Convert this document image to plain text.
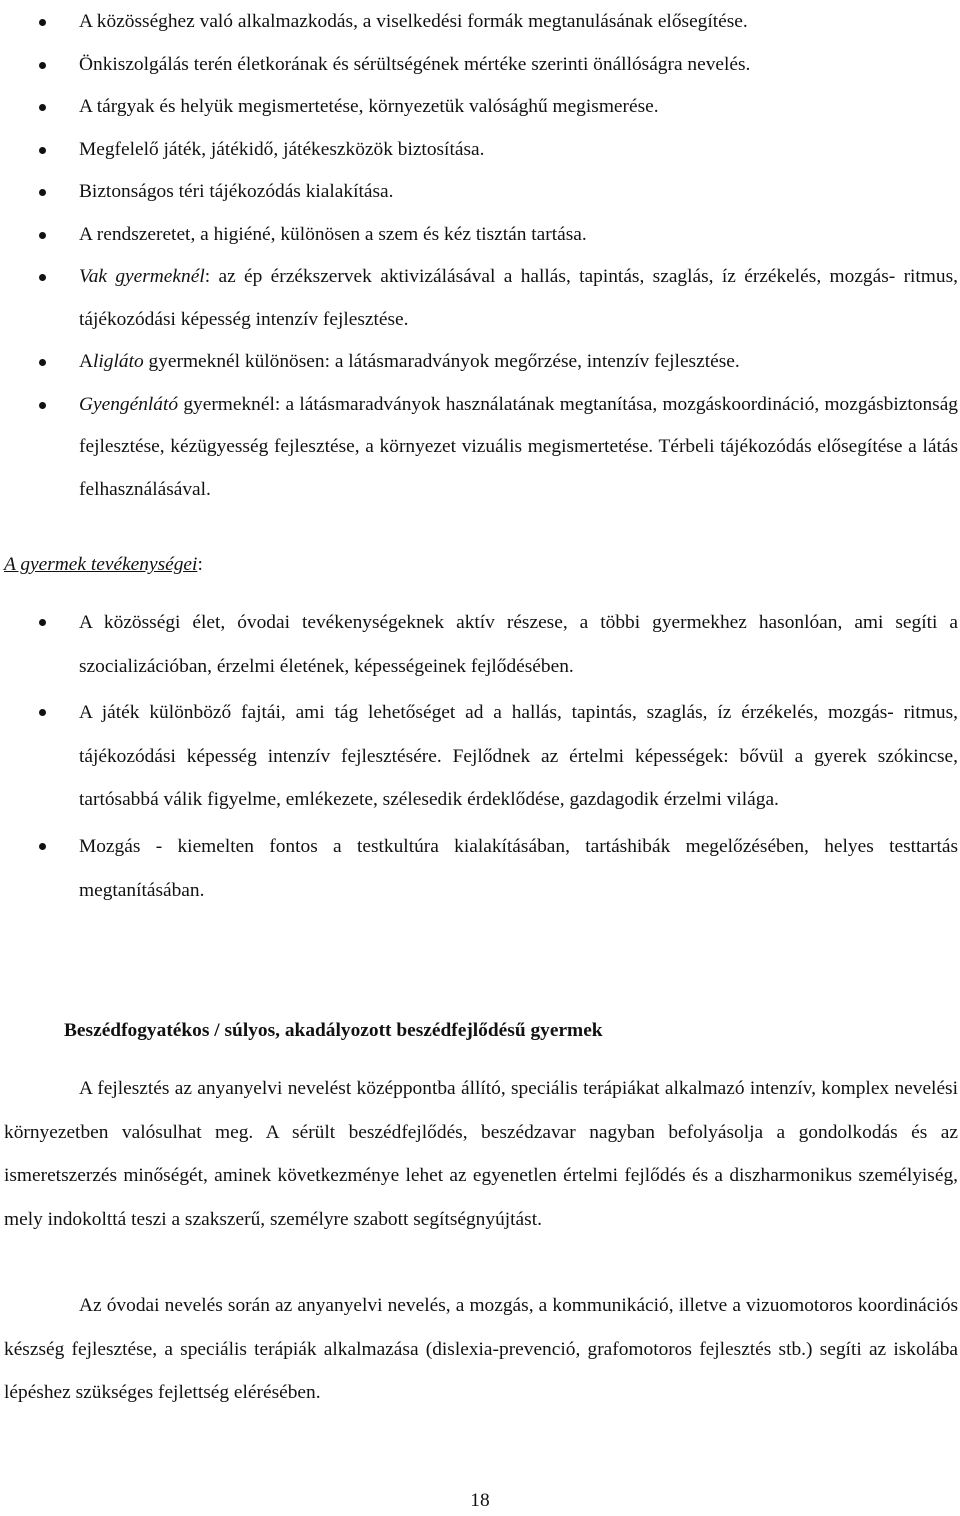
A közösséghez való alkalmazkodás, a viselkedési formák megtanulásának elősegítése.
Önkiszolgálás terén életkorának és sérültségének mértéke szerinti önállóságra nevelés.
A tárgyak és helyük megismertetése, környezetük valósághű megismerése.
Megfelelő játék, játékidő, játékeszközök biztosítása.
Biztonságos téri tájékozódás kialakítása.
A rendszeretet, a higiéné, különösen a szem és kéz tisztán tartása.
Vak gyermeknél: az ép érzékszervek aktivizálásával a hallás, tapintás, szaglás, íz érzékelés, mozgás- ritmus, tájékozódási képesség intenzív fejlesztése.
Aligláto gyermeknél különösen: a látásmaradványok megőrzése, intenzív fejlesztése.
Gyengénlátó gyermeknél: a látásmaradványok használatának megtanítása, mozgáskoordináció, mozgásbiztonság fejlesztése, kézügyesség fejlesztése, a környezet vizuális megismertetése. Térbeli tájékozódás elősegítése a látás felhasználásával.
A gyermek tevékenységei:
A közösségi élet, óvodai tevékenységeknek aktív részese, a többi gyermekhez hasonlóan, ami segíti a szocializációban, érzelmi életének, képességeinek fejlődésében.
A játék különböző fajtái, ami tág lehetőséget ad a hallás, tapintás, szaglás, íz érzékelés, mozgás- ritmus, tájékozódási képesség intenzív fejlesztésére. Fejlődnek az értelmi képességek: bővül a gyerek szókincse, tartósabbá válik figyelme, emlékezete, szélesedik érdeklődése, gazdagodik érzelmi világa.
Mozgás - kiemelten fontos a testkultúra kialakításában, tartáshibák megelőzésében, helyes testtartás megtanításában.
Beszédfogyatékos / súlyos, akadályozott beszédfejlődésű gyermek

A fejlesztés az anyanyelvi nevelést középpontba állító, speciális terápiákat alkalmazó intenzív, komplex nevelési környezetben valósulhat meg. A sérült beszédfejlődés, beszédzavar nagyban befolyásolja a gondolkodás és az ismeretszerzés minőségét, aminek következménye lehet az egyenetlen értelmi fejlődés és a diszharmonikus személyiség, mely indokolttá teszi a szakszerű, személyre szabott segítségnyújtást.

Az óvodai nevelés során az anyanyelvi nevelés, a mozgás, a kommunikáció, illetve a vizuomotoros koordinációs készség fejlesztése, a speciális terápiák alkalmazása (dislexia-prevenció, grafomotoros fejlesztés stb.) segíti az iskolába lépéshez szükséges fejlettség elérésében.

18
